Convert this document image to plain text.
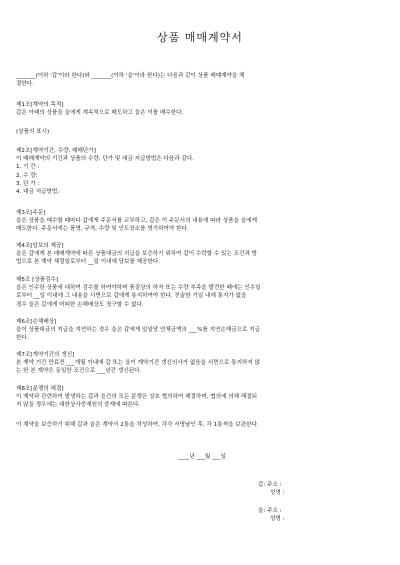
상품 매매계약서
_______(이하 '갑'이라 한다)와 _______(이하 '을'이라 한다)는 다음과 같이 상품 매매계약을 체
결한다.
제1조[계약의 목적]
갑은 아래의 상품을 을에게 계속적으로 매도하고 을은 이를 매수한다.
(상품의 표시)
제2조[계약기간, 수량, 매매단가]
이 매매계약의 기간과 상품의 수량, 단가 및 대금 지급방법은 다음과 같다.
1. 기 간 :
2. 수 량:
3. 단 가 :
4. 대금 지급방법:
제3조[주문]
을은 상품을 매수할 때마다 갑에게 주문서를 교부하고, 갑은 이 주문서의 내용에 따라 상품을 을에게
매도한다. 주문서에는 품명, 규격, 수량 및 인도장소를 명기하여야 한다.
제4조[담보의 제공]
을은 갑에게 본 매매계약에 따른 상품대금의 지급을 보증하기 위하여 갑이 수락할 수 있는 조건과 방
법으로 본 계약 체결일로부터 __일 이내에 담보를 제공한다.
제5조 [상품검수]
을은 인수한 상품에 대하여 검수를 하여야하며 품질상의 하자 또는 수량 부족을 발견한 때에는 인수일
로부터 __일 이내에 그 내용을 서면으로 갑에게 통지하여야 한다. 전술한 기일 내에 통지가 없을
경우 을은 갑에게 어떠한 손해배상도 청구할 수 없다.
제6조[손해배상]
을이 상품대금의 지급을 지연하는 경우 을은 갑에게 일일당 연체금액의 ___%를 지연손해금으로 지급
한다.
제7조[계약기간의 갱신]
본 계약 기간 만료전 ___개월 이내에 갑 또는 을이 계약기간 갱신의사가 없음을 서면으로 통지하지 않
는 한 본 계약은 동일한 조건으로 ___년간 갱신된다.
제8조[분쟁의 해결]
이 계약과 관련하여 발생하는 갑과 을간의 모든 분쟁은 상호 협의하여 해결하며, 협의에 의해 해결되
지 않을 경우에는 대한상사중재원의 중재에 따른다.
이 계약을 보증하기 위해 갑과 을은 계약서 2통을 작성하여, 각각 서명날인 후, 각 1통씩을 보관한다.
____년 ___월 ___일
갑: 주소 :
성명 :
을: 주소 :
성명 :
